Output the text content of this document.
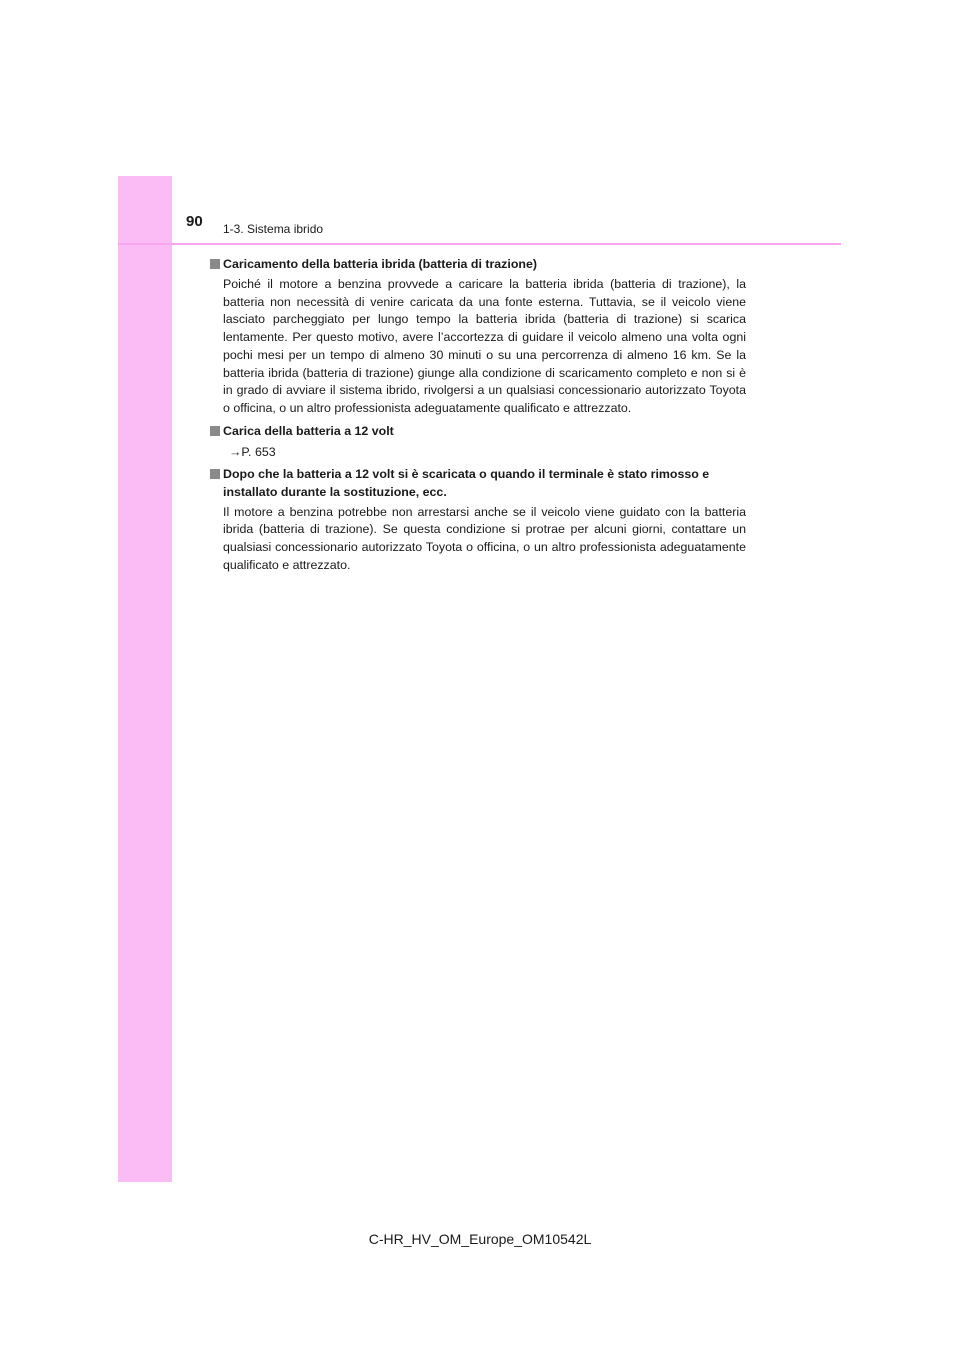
90 1-3. Sistema ibrido
Caricamento della batteria ibrida (batteria di trazione)
Poiché il motore a benzina provvede a caricare la batteria ibrida (batteria di trazione), la batteria non necessità di venire caricata da una fonte esterna. Tuttavia, se il veicolo viene lasciato parcheggiato per lungo tempo la batteria ibrida (batteria di trazione) si scarica lentamente. Per questo motivo, avere l’accortezza di guidare il veicolo almeno una volta ogni pochi mesi per un tempo di almeno 30 minuti o su una percorrenza di almeno 16 km. Se la batteria ibrida (batteria di trazione) giunge alla condizione di scaricamento completo e non si è in grado di avviare il sistema ibrido, rivolgersi a un qualsiasi concessionario autorizzato Toyota o officina, o un altro professionista adeguatamente qualificato e attrezzato.
Carica della batteria a 12 volt
→P. 653
Dopo che la batteria a 12 volt si è scaricata o quando il terminale è stato rimosso e installato durante la sostituzione, ecc.
Il motore a benzina potrebbe non arrestarsi anche se il veicolo viene guidato con la batteria ibrida (batteria di trazione). Se questa condizione si protrae per alcuni giorni, contattare un qualsiasi concessionario autorizzato Toyota o officina, o un altro professionista adeguatamente qualificato e attrezzato.
C-HR_HV_OM_Europe_OM10542L
